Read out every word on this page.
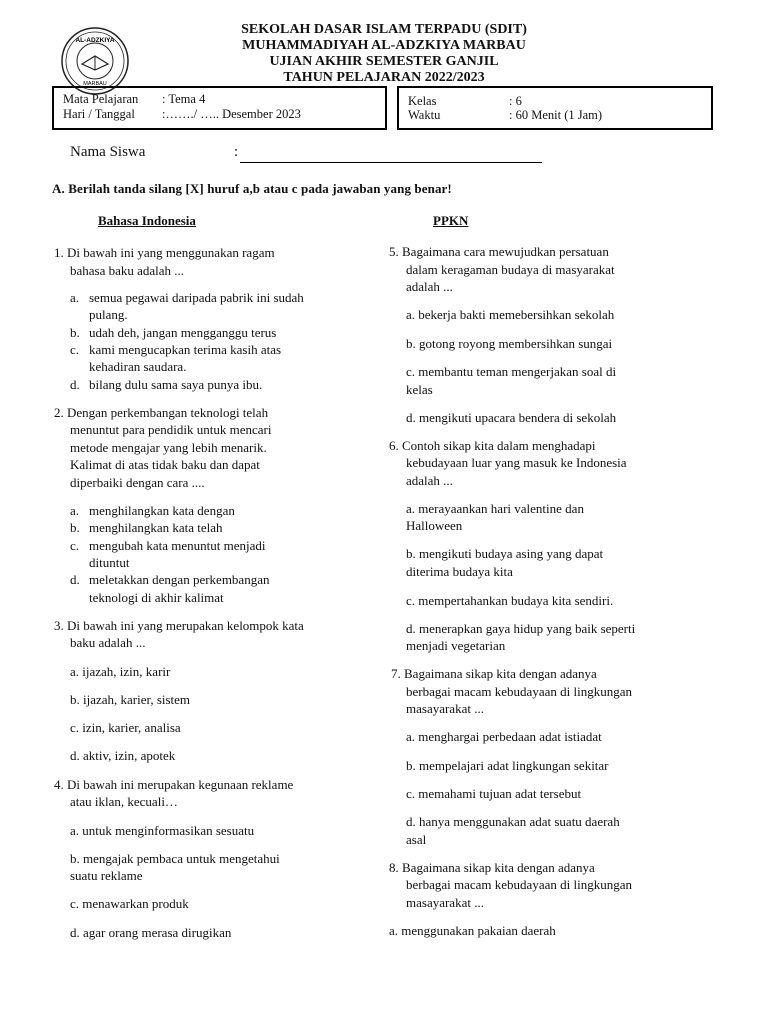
AL-ADZKIYA
MARBAU
SEKOLAH DASAR ISLAM TERPADU (SDIT)
MUHAMMADIYAH AL-ADZKIYA MARBAU
UJIAN AKHIR SEMESTER GANJIL
TAHUN PELAJARAN 2022/2023
Mata Pelajaran : Tema 4
Hari / Tanggal :……./ ….. Desember 2023
Kelas	: 6
Waktu	: 60 Menit (1 Jam)
Nama Siswa	:
A. Berilah tanda silang [X] huruf a,b atau c pada jawaban yang benar!
Bahasa Indonesia	PPKN
1. Di bawah ini yang menggunakan ragam
bahasa baku adalah ...
a. semua pegawai daripada pabrik ini sudah
pulang.
b. udah deh, jangan mengganggu terus
c. kami mengucapkan terima kasih atas
kehadiran saudara.
d. bilang dulu sama saya punya ibu.
2. Dengan perkembangan teknologi telah
menuntut para pendidik untuk mencari
metode mengajar yang lebih menarik.
Kalimat di atas tidak baku dan dapat
diperbaiki dengan cara ....
a. menghilangkan kata dengan
b. menghilangkan kata telah
c. mengubah kata menuntut menjadi
dituntut
d. meletakkan dengan perkembangan
teknologi di akhir kalimat
3. Di bawah ini yang merupakan kelompok kata
baku adalah ...
a. ijazah, izin, karir
b. ijazah, karier, sistem
c. izin, karier, analisa
d. aktiv, izin, apotek
4. Di bawah ini merupakan kegunaan reklame
atau iklan, kecuali…
a. untuk menginformasikan sesuatu
b. mengajak pembaca untuk mengetahui
suatu reklame
c. menawarkan produk
d. agar orang merasa dirugikan
5. Bagaimana cara mewujudkan persatuan
dalam keragaman budaya di masyarakat
adalah ...
a. bekerja bakti memebersihkan sekolah
b. gotong royong membersihkan sungai
c. membantu teman mengerjakan soal di
kelas
d. mengikuti upacara bendera di sekolah
6. Contoh sikap kita dalam menghadapi
kebudayaan luar yang masuk ke Indonesia
adalah ...
a. merayaankan hari valentine dan
Halloween
b. mengikuti budaya asing yang dapat
diterima budaya kita
c. mempertahankan budaya kita sendiri.
d. menerapkan gaya hidup yang baik seperti
menjadi vegetarian
7. Bagaimana sikap kita dengan adanya
berbagai macam kebudayaan di lingkungan
masayarakat ...
a. menghargai perbedaan adat istiadat
b. mempelajari adat lingkungan sekitar
c. memahami tujuan adat tersebut
d. hanya menggunakan adat suatu daerah
asal
8. Bagaimana sikap kita dengan adanya
berbagai macam kebudayaan di lingkungan
masayarakat ...
a. menggunakan pakaian daerah
